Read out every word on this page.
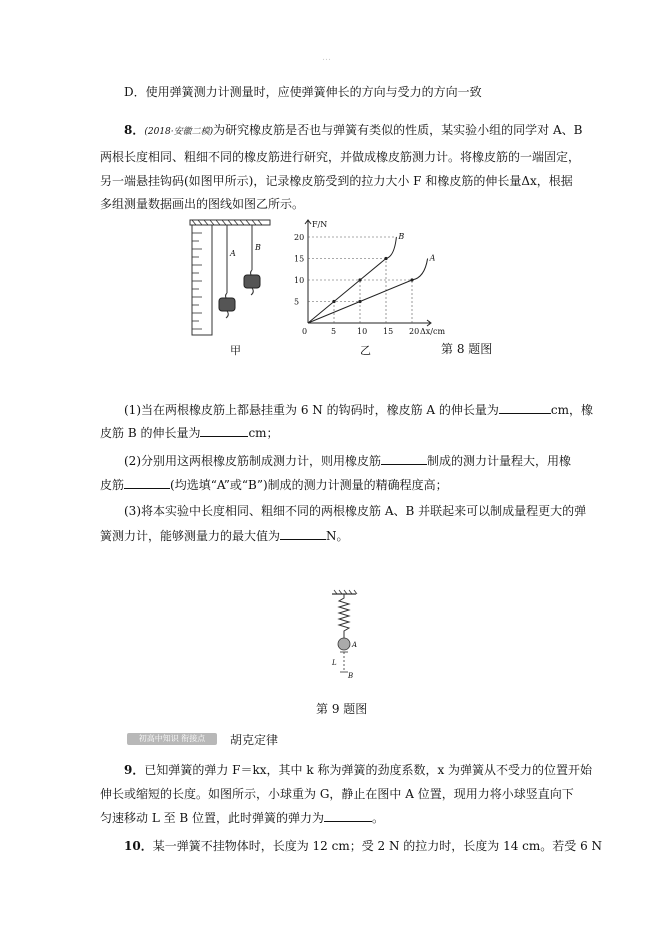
…
D．使用弹簧测力计测量时，应使弹簧伸长的方向与受力的方向一致
8．(2018·安徽二模)为研究橡皮筋是否也与弹簧有类似的性质，某实验小组的同学对 A、B
两根长度相同、粗细不同的橡皮筋进行研究，并做成橡皮筋测力计。将橡皮筋的一端固定，
另一端悬挂钩码(如图甲所示)，记录橡皮筋受到的拉力大小 F 和橡皮筋的伸长量Δx，根据
多组测量数据画出的图线如图乙所示。
A
B
F/N
Δx/cm
0	5	10 15 20
5
10
15
20	B
A
甲	乙	第 8 题图
(1)当在两根橡皮筋上都悬挂重为 6 N 的钩码时，橡皮筋 A 的伸长量为	cm，橡
皮筋 B 的伸长量为	cm；
(2)分别用这两根橡皮筋制成测力计，则用橡皮筋	制成的测力计量程大，用橡
皮筋	(均选填“A”或“B”)制成的测力计测量的精确程度高；
(3)将本实验中长度相同、粗细不同的两根橡皮筋 A、B 并联起来可以制成量程更大的弹
簧测力计，能够测量力的最大值为	N。
A
L
B
第 9 题图
初高中知识 衔接点	胡克定律
9．已知弹簧的弹力 F＝kx，其中 k 称为弹簧的劲度系数，x 为弹簧从不受力的位置开始
伸长或缩短的长度。如图所示，小球重为 G，静止在图中 A 位置，现用力将小球竖直向下
匀速移动 L 至 B 位置，此时弹簧的弹力为	。
10．某一弹簧不挂物体时，长度为 12 cm；受 2 N 的拉力时，长度为 14 cm。若受 6 N
